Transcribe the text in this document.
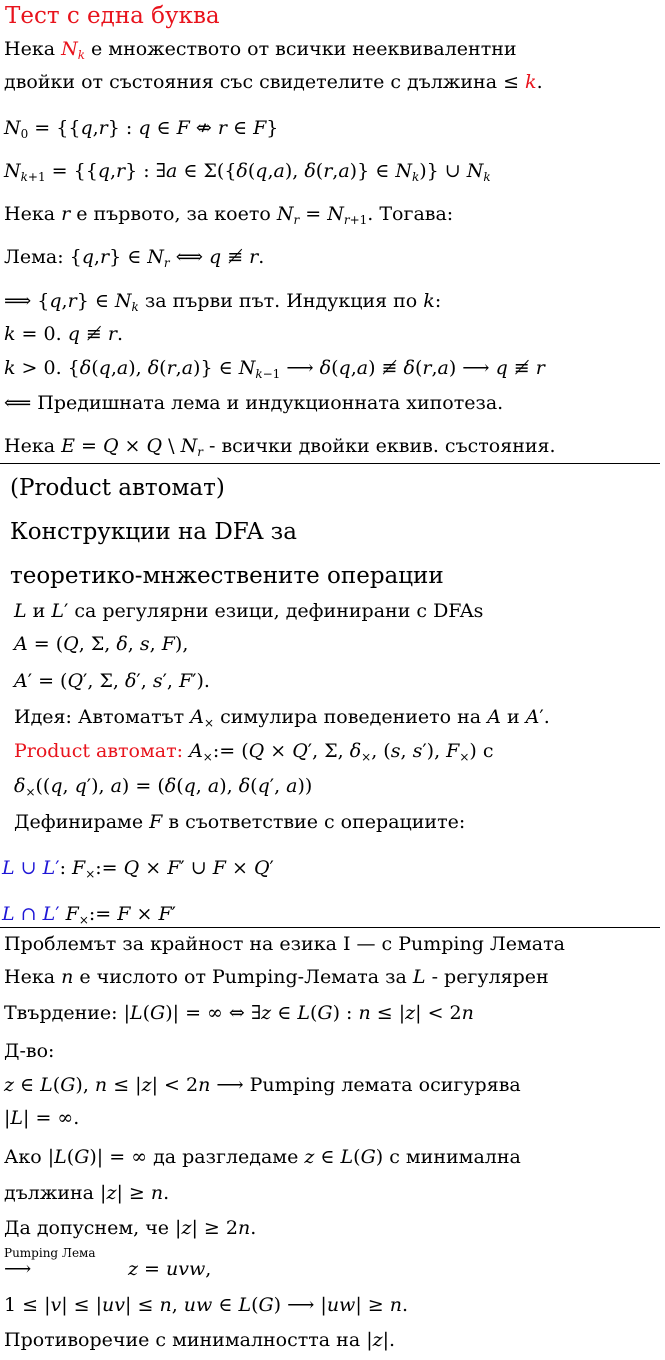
Тест с една буква
Нека $N_k$ е множеството от всички нееквивалентни
двойки от състояния със свидетелите с дължина ≤ k.
$N_0 = \{\{q,r\}$ : q ∈ F ⇎ r ∈ F}
$N_{k+1} = \{\{q,r\}$ : ∃a ∈ Σ({δ(q,a), δ(r,a)} ∈ $N_k$)} ∪ $N_k$
Нека r е първото, за което $N_r = N_{r+1}$. Тогава:
Лема: {q,r} ∈ $N_r$ ⟺ q ≢ r.
⟹ {q,r} ∈ $N_k$ за първи път. Индукция по k:
k = 0. q ≢ r.
k > 0. {δ(q,a), δ(r,a)} ∈ $N_{k-1}$ ⟶ δ(q,a) ≢ δ(r,a) ⟶ q ≢ r
⟸ Предишната лема и индукционната хипотеза.
Нека E = Q × Q \ $N_r$ - всички двойки еквив. състояния.
(Product автомат)
Конструкции на DFA за
теоретико-мнжествените операции
L и L′ са регулярни езици, дефинирани с DFAs
A = (Q, Σ, δ, s, F),
A′ = (Q′, Σ, δ′, s′, F′).
Идея: Автоматът $A_\times$ симулира поведението на A и A′.
Product автомат: $A_\times:= (Q \times Q'$, Σ, $\delta_\times$, (s, s′), $F_\times$) с
$\delta_\times((q$, q′), a) = (δ(q, a), δ(q′, a))
Дефинираме F в съответствие с операциите:
L ∪ L′: $F_\times:= Q \times F'$ ∪ F × Q′
L ∩ L′ $F_\times:= F \times F'$
Проблемът за крайност на езика I — с Pumping Лемата
Нека n е числото от Pumping-Лемата за L - регулярен
Твърдение: |L(G)| = ∞ ⇔ ∃z ∈ L(G) : n ≤ |z| < 2n
Д-во:
z ∈ L(G), n ≤ |z| < 2n ⟶ Pumping лемата осигурява
|L| = ∞.
Ако |L(G)| = ∞ да разгледаме z ∈ L(G) с минимална
дължина |z| ≥ n.
Да допуснем, че |z| ≥ 2n.
Pumping Лема
⟶	z = uvw,
1 ≤ |v| ≤ |uv| ≤ n, uw ∈ L(G) ⟶ |uw| ≥ n.
Противоречие с минималността на |z|.
